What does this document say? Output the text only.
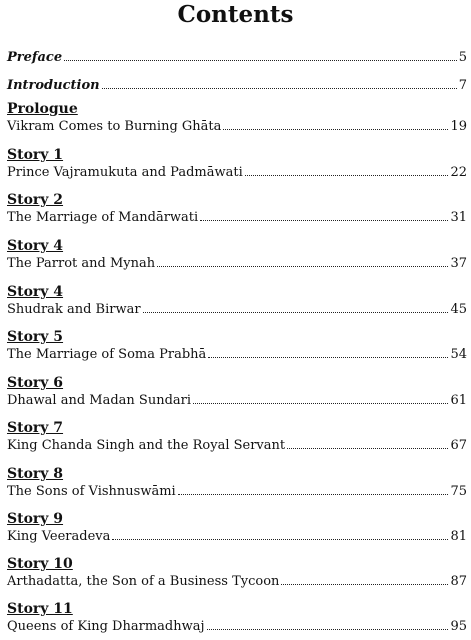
Contents
Preface	5
Introduction	7
Prologue
Vikram Comes to Burning Ghāta	19
Story 1
Prince Vajramukuta and Padmāwati	22
Story 2
The Marriage of Mandārwati	31
Story 4
The Parrot and Mynah	37
Story 4
Shudrak and Birwar	45
Story 5
The Marriage of Soma Prabhā	54
Story 6
Dhawal and Madan Sundari	61
Story 7
King Chanda Singh and the Royal Servant	67
Story 8
The Sons of Vishnuswāmi	75
Story 9
King Veeradeva	81
Story 10
Arthadatta, the Son of a Business Tycoon	87
Story 11
Queens of King Dharmadhwaj	95
